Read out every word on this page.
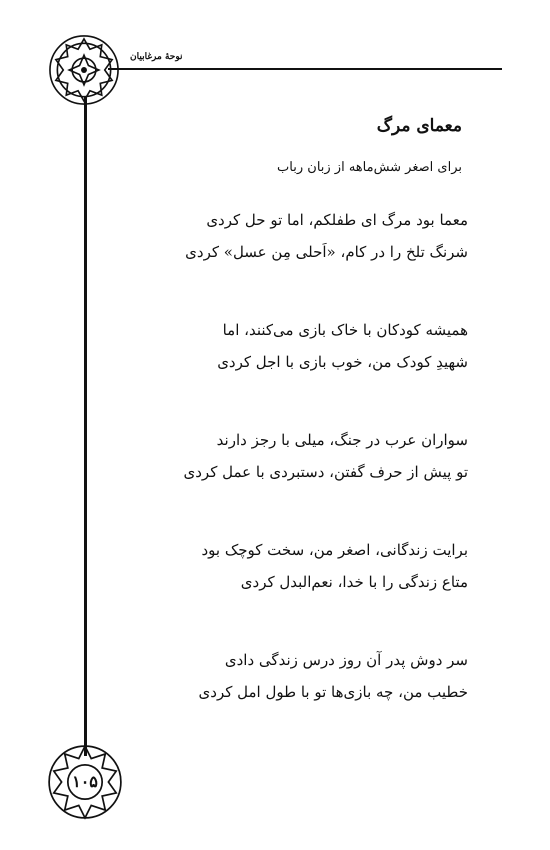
نوحهٔ مرغابیان
۱۰۵
معمای مرگ
برای اصغر شش‌ماهه از زبان رباب
معما بود مرگ ای طفلکم، اما تو حل کردی
شرنگ تلخ را در کام، «اَحلی مِن عسل» کردی
همیشه کودکان با خاک بازی می‌کنند، اما
شهیدِ کودک من، خوب بازی با اجل کردی
سواران عرب در جنگ، میلی با رجز دارند
تو پیش از حرف گفتن، دستبردی با عمل کردی
برایت زندگانی، اصغر من، سخت کوچک بود
متاع زندگی را با خدا، نعم‌البدل کردی
سر دوش پدر آن روز درس زندگی دادی
خطیب من، چه بازی‌ها تو با طول امل کردی
